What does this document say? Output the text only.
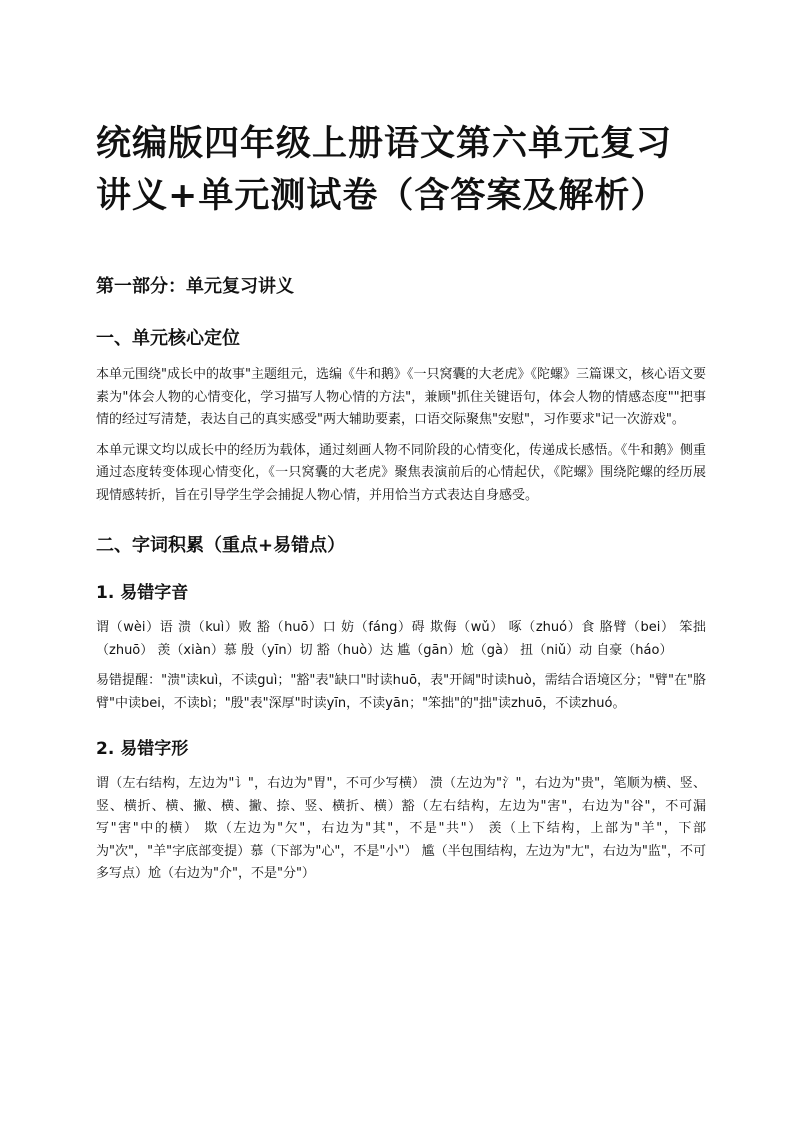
统编版四年级上册语文第六单元复习讲义+单元测试卷（含答案及解析）
第一部分：单元复习讲义
一、单元核心定位

本单元围绕"成长中的故事"主题组元，选编《牛和鹅》《一只窝囊的大老虎》《陀螺》三篇课文，核心语文要素为"体会人物的心情变化，学习描写人物心情的方法"，兼顾"抓住关键语句，体会人物的情感态度""把事情的经过写清楚，表达自己的真实感受"两大辅助要素，口语交际聚焦"安慰"，习作要求"记一次游戏"。

本单元课文均以成长中的经历为载体，通过刻画人物不同阶段的心情变化，传递成长感悟。《牛和鹅》侧重通过态度转变体现心情变化，《一只窝囊的大老虎》聚焦表演前后的心情起伏，《陀螺》围绕陀螺的经历展现情感转折，旨在引导学生学会捕捉人物心情，并用恰当方式表达自身感受。

二、字词积累（重点+易错点）
1. 易错字音

谓（wèi）语 溃（kuì）败 豁（huō）口 妨（fáng）碍 欺侮（wǔ） 啄（zhuó）食 胳臂（bei） 笨拙（zhuō） 羡（xiàn）慕 殷（yīn）切 豁（huò）达 尴（gān）尬（gà） 扭（niǔ）动 自豪（háo）

易错提醒："溃"读kuì，不读guì；"豁"表"缺口"时读huō，表"开阔"时读huò，需结合语境区分；"臂"在"胳臂"中读bei，不读bì；"殷"表"深厚"时读yīn，不读yān；"笨拙"的"拙"读zhuō，不读zhuó。

2. 易错字形

谓（左右结构，左边为"讠"，右边为"胃"，不可少写横） 溃（左边为"氵"，右边为"贵"，笔顺为横、竖、竖、横折、横、撇、横、撇、捺、竖、横折、横）豁（左右结构，左边为"害"，右边为"谷"，不可漏写"害"中的横） 欺（左边为"欠"，右边为"其"，不是"共"） 羡（上下结构，上部为"羊"，下部为"次"，"羊"字底部变提）慕（下部为"心"，不是"小"） 尴（半包围结构，左边为"尢"，右边为"监"，不可多写点）尬（右边为"介"，不是"分"）
